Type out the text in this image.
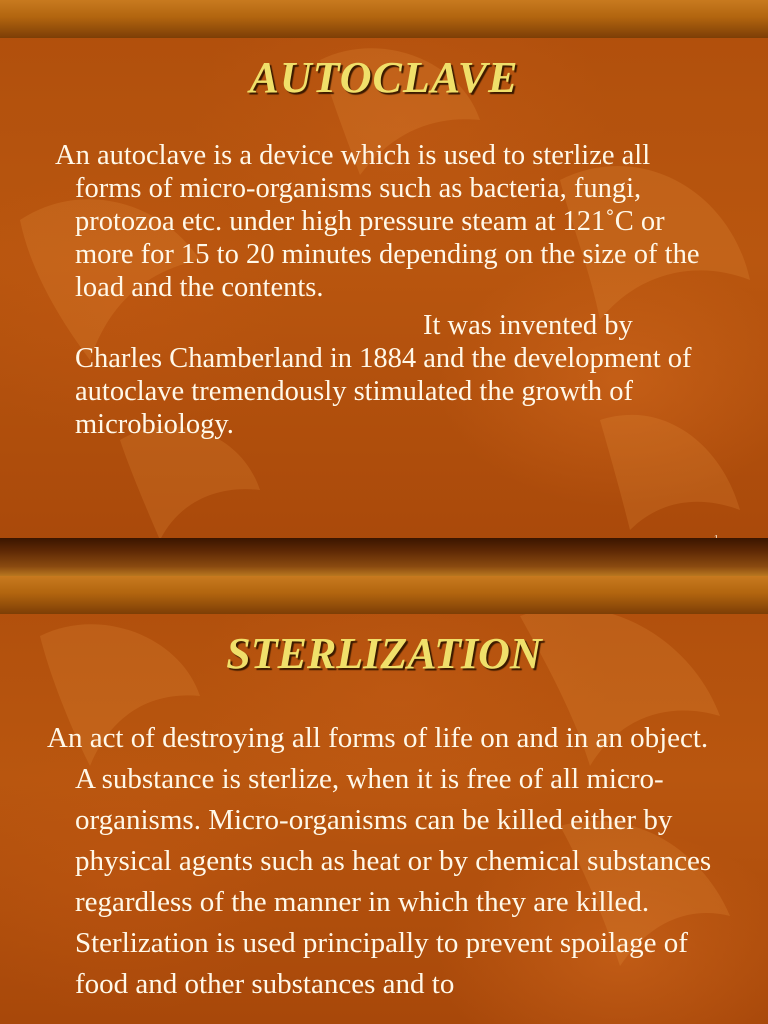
AUTOCLAVE
An autoclave is a device which is used to sterlize all forms of micro-organisms such as bacteria, fungi, protozoa etc. under high pressure steam at 121˚C or more for 15 to 20 minutes depending on the size of the load and the contents.
It was invented by Charles Chamberland in 1884 and the development of autoclave tremendously stimulated the growth of microbiology.
STERLIZATION
An act of destroying all forms of life on and in an object. A substance is sterlize, when it is free of all micro-organisms. Micro-organisms can be killed either by physical agents such as heat or by chemical substances regardless of the manner in which they are killed. Sterlization is used principally to prevent spoilage of food and other substances and to
